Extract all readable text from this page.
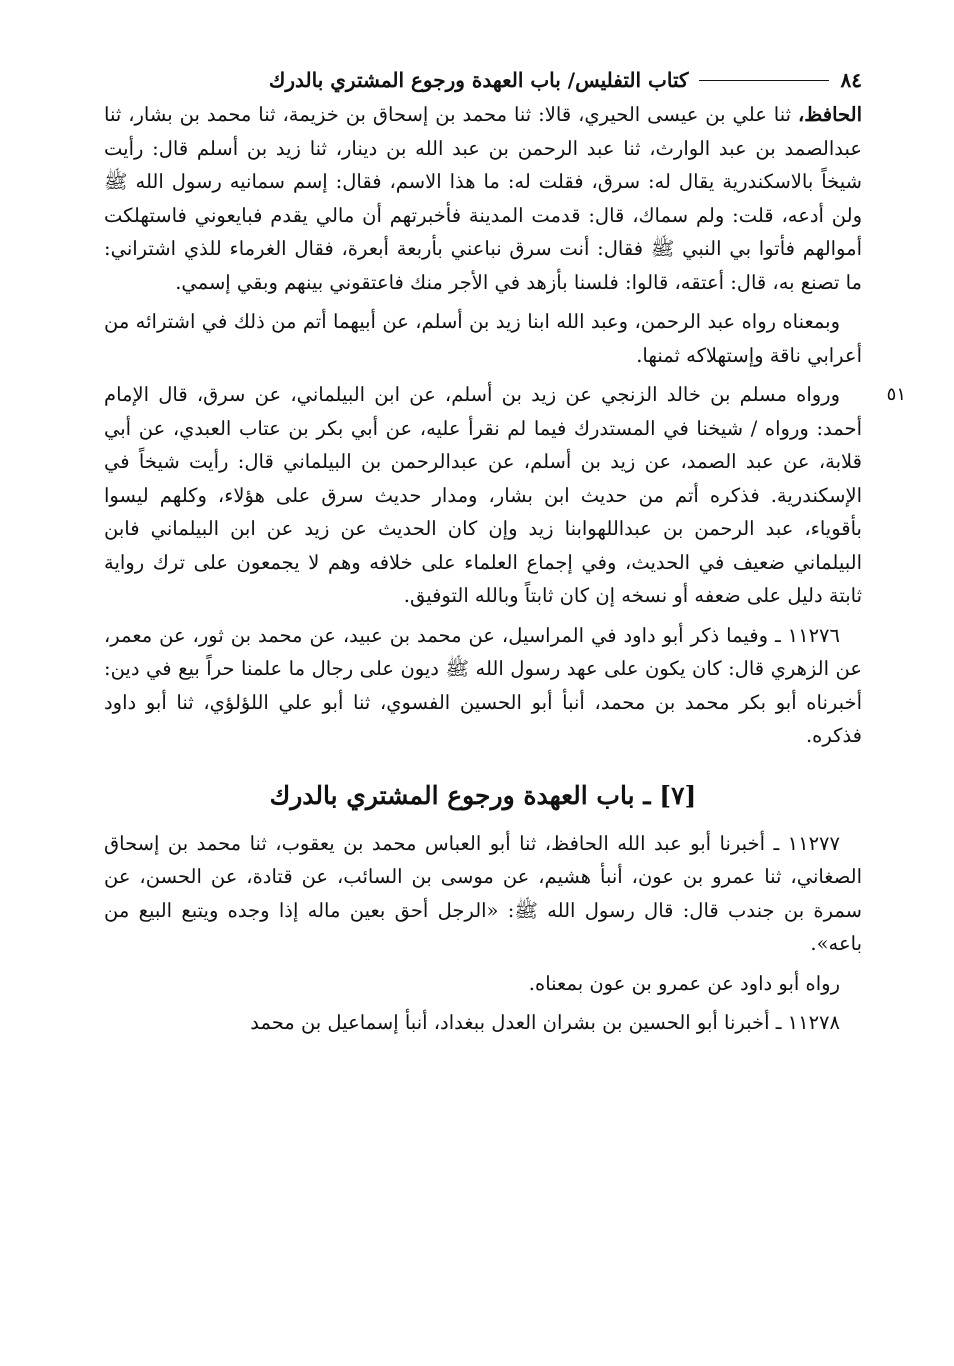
٨٤
كتاب التفليس/ باب العهدة ورجوع المشتري بالدرك

الحافظ، ثنا علي بن عيسى الحيري، قالا: ثنا محمد بن إسحاق بن خزيمة، ثنا محمد بن بشار، ثنا عبدالصمد بن عبد الوارث، ثنا عبد الرحمن بن عبد الله بن دينار، ثنا زيد بن أسلم قال: رأيت شيخاً بالاسكندرية يقال له: سرق، فقلت له: ما هذا الاسم، فقال: إسم سمانيه رسول الله ﷺ ولن أدعه، قلت: ولم سماك، قال: قدمت المدينة فأخبرتهم أن مالي يقدم فبايعوني فاستهلكت أموالهم فأتوا بي النبي ﷺ فقال: أنت سرق نباعني بأربعة أبعرة، فقال الغرماء للذي اشتراني: ما تصنع به، قال: أعتقه، قالوا: فلسنا بأزهد في الأجر منك فاعتقوني بينهم وبقي إسمي.

وبمعناه رواه عبد الرحمن، وعبد الله ابنا زيد بن أسلم، عن أبيهما أتم من ذلك في اشترائه من أعرابي ناقة وإستهلاكه ثمنها.

٥١

ورواه مسلم بن خالد الزنجي عن زيد بن أسلم، عن ابن البيلماني، عن سرق، قال الإمام أحمد: ورواه / شيخنا في المستدرك فيما لم نقرأ عليه، عن أبي بكر بن عتاب العبدي، عن أبي قلابة، عن عبد الصمد، عن زيد بن أسلم، عن عبدالرحمن بن البيلماني قال: رأيت شيخاً في الإسكندرية. فذكره أتم من حديث ابن بشار، ومدار حديث سرق على هؤلاء، وكلهم ليسوا بأقوياء، عبد الرحمن بن عبداللهوابنا زيد وإن كان الحديث عن زيد عن ابن البيلماني فابن البيلماني ضعيف في الحديث، وفي إجماع العلماء على خلافه وهم لا يجمعون على ترك رواية ثابتة دليل على ضعفه أو نسخه إن كان ثابتاً وبالله التوفيق.

١١٢٧٦ ـ وفيما ذكر أبو داود في المراسيل، عن محمد بن عبيد، عن محمد بن ثور، عن معمر، عن الزهري قال: كان يكون على عهد رسول الله ﷺ ديون على رجال ما علمنا حراً بيع في دين: أخبرناه أبو بكر محمد بن محمد، أنبأ أبو الحسين الفسوي، ثنا أبو علي اللؤلؤي، ثنا أبو داود فذكره.

[٧] ـ باب العهدة ورجوع المشتري بالدرك

١١٢٧٧ ـ أخبرنا أبو عبد الله الحافظ، ثنا أبو العباس محمد بن يعقوب، ثنا محمد بن إسحاق الصغاني، ثنا عمرو بن عون، أنبأ هشيم، عن موسى بن السائب، عن قتادة، عن الحسن، عن سمرة بن جندب قال: قال رسول الله ﷺ: «الرجل أحق بعين ماله إذا وجده ويتبع البيع من باعه».

رواه أبو داود عن عمرو بن عون بمعناه.

١١٢٧٨ ـ أخبرنا أبو الحسين بن بشران العدل ببغداد، أنبأ إسماعيل بن محمد
